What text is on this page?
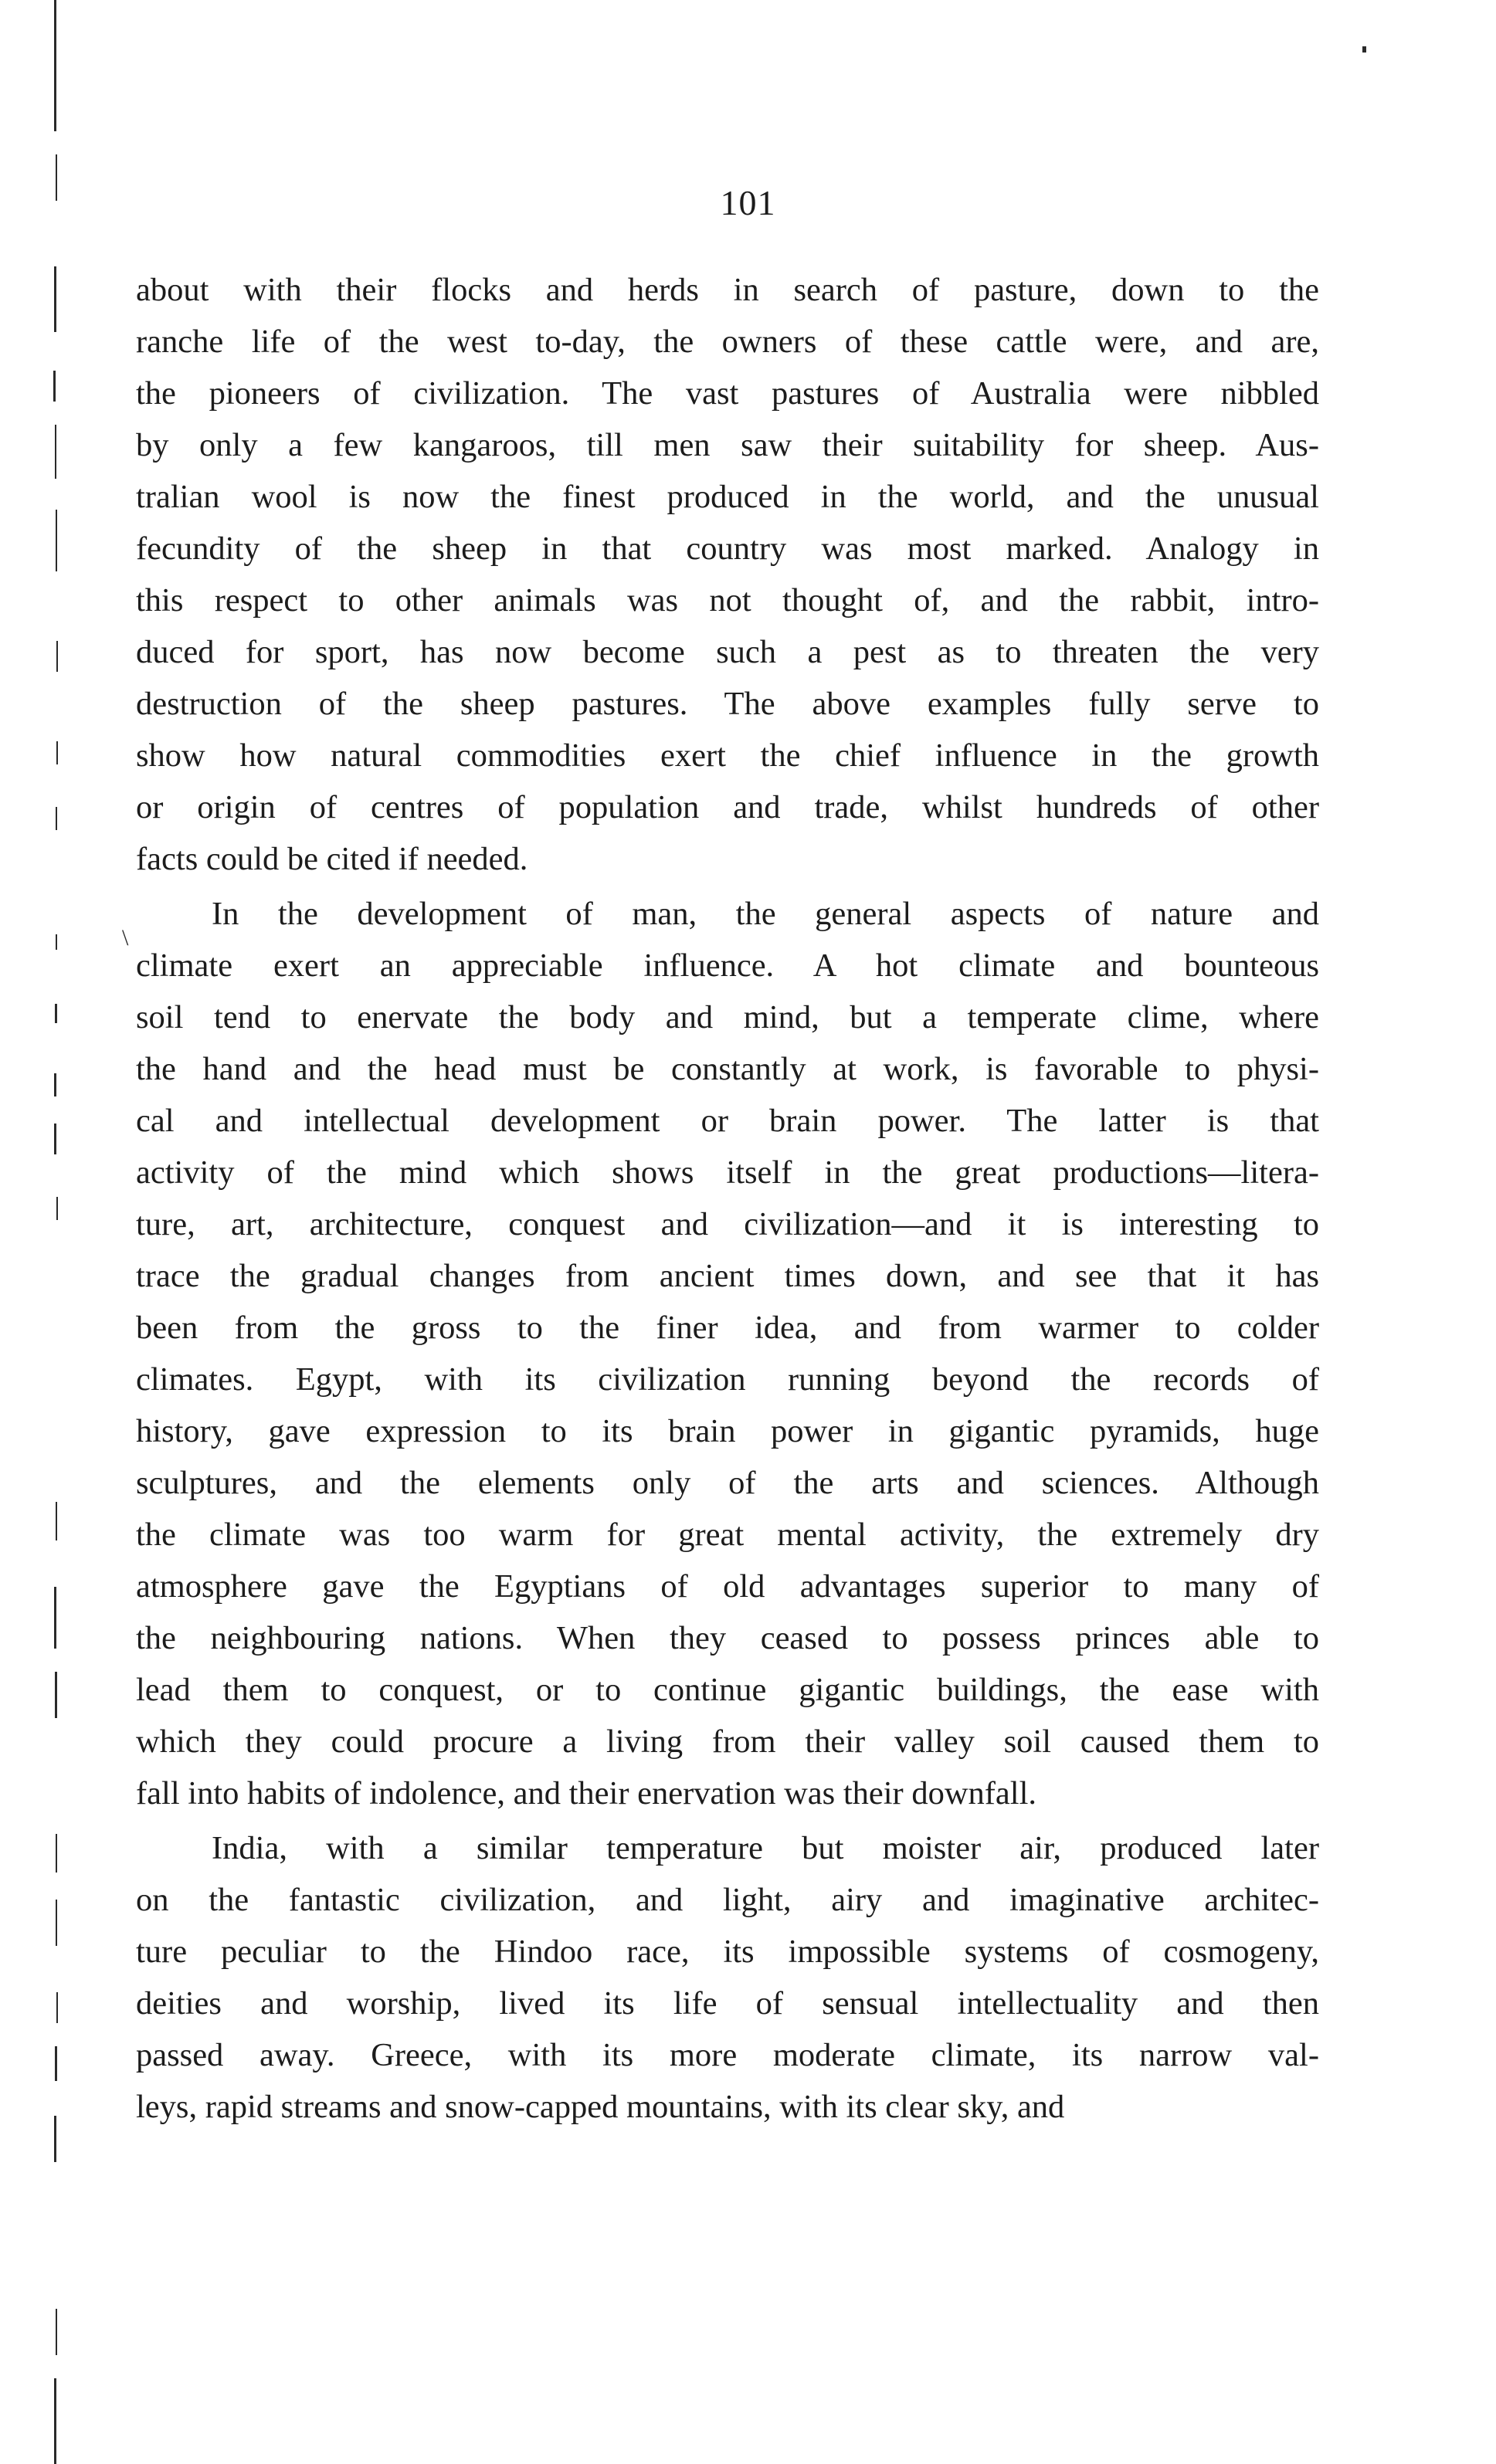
101
about with their flocks and herds in search of pasture, down to the
ranche life of the west to-day, the owners of these cattle were, and are,
the pioneers of civilization. The vast pastures of Australia were nibbled
by only a few kangaroos, till men saw their suitability for sheep. Aus-
tralian wool is now the finest produced in the world, and the unusual
fecundity of the sheep in that country was most marked. Analogy in
this respect to other animals was not thought of, and the rabbit, intro-
duced for sport, has now become such a pest as to threaten the very
destruction of the sheep pastures. The above examples fully serve to
show how natural commodities exert the chief influence in the growth
or origin of centres of population and trade, whilst hundreds of other
facts could be cited if needed.
In the development of man, the general aspects of nature and
climate exert an appreciable influence. A hot climate and bounteous
soil tend to enervate the body and mind, but a temperate clime, where
the hand and the head must be constantly at work, is favorable to physi-
cal and intellectual development or brain power. The latter is that
activity of the mind which shows itself in the great productions—litera-
ture, art, architecture, conquest and civilization—and it is interesting to
trace the gradual changes from ancient times down, and see that it has
been from the gross to the finer idea, and from warmer to colder
climates. Egypt, with its civilization running beyond the records of
history, gave expression to its brain power in gigantic pyramids, huge
sculptures, and the elements only of the arts and sciences. Although
the climate was too warm for great mental activity, the extremely dry
atmosphere gave the Egyptians of old advantages superior to many of
the neighbouring nations. When they ceased to possess princes able to
lead them to conquest, or to continue gigantic buildings, the ease with
which they could procure a living from their valley soil caused them to
fall into habits of indolence, and their enervation was their downfall.
India, with a similar temperature but moister air, produced later
on the fantastic civilization, and light, airy and imaginative architec-
ture peculiar to the Hindoo race, its impossible systems of cosmogeny,
deities and worship, lived its life of sensual intellectuality and then
passed away. Greece, with its more moderate climate, its narrow val-
leys, rapid streams and snow-capped mountains, with its clear sky, and
\
